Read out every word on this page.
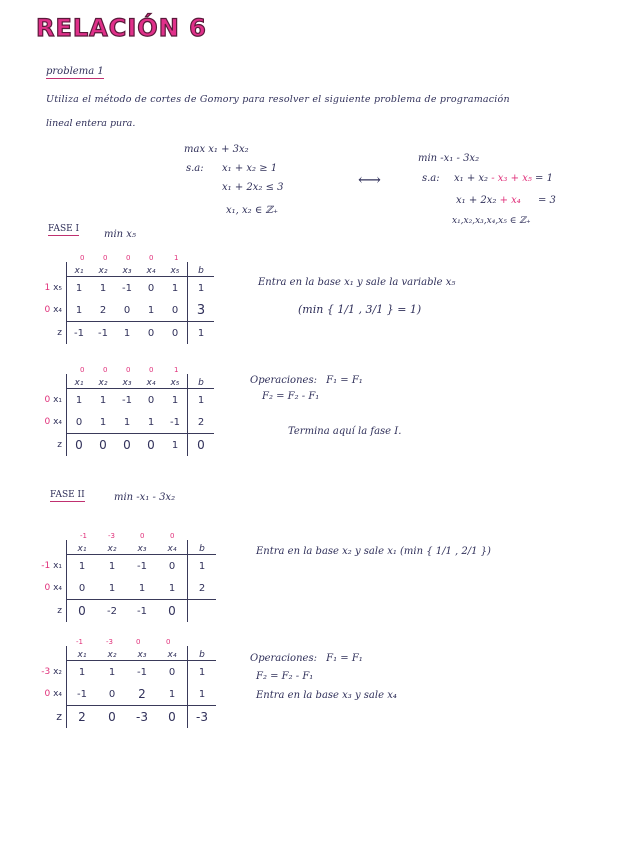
RELACIÓN 6
problema 1
Utiliza el método de cortes de Gomory para resolver el siguiente problema de programación
lineal entera pura.
max x₁ + 3x₂
s.a: x₁ + x₂ ≥ 1
x₁ + 2x₂ ≤ 3
x₁, x₂ ∈ ℤ₊
⟷
min -x₁ - 3x₂
s.a: x₁ + x₂ - x₃ + x₅ = 1
x₁ + 2x₂ + x₄ = 3
x₁,x₂,x₃,x₄,x₅ ∈ ℤ₊
FASE I min x₅
0	0	0	0	1
	x₁	x₂	x₃	x₄	x₅	b
1 x₅	1	1	-1	0	1	1
0 x₄	1	2	0	1	0	3
z	-1	-1	1	0	0	1
Entra en la base x₁ y sale la variable x₅
(min { 1/1 , 3/1 } = 1)
0	0	0	0	1
	x₁	x₂	x₃	x₄	x₅	b
0 x₁	1	1	-1	0	1	1
0 x₄	0	1	1	1	-1	2
z	0	0	0	0	1	0
Operaciones: F₁ = F₁
F₂ = F₂ - F₁
Termina aquí la fase I.
FASE II	min -x₁ - 3x₂
-1	-3	0	0
	x₁	x₂	x₃	x₄	b
-1 x₁	1	1	-1	0	1
0 x₄	0	1	1	1	2
z	0	-2	-1	0	
Entra en la base x₂ y sale x₁ (min { 1/1 , 2/1 })
-1	-3	0	0
	x₁	x₂	x₃	x₄	b
-3 x₂	1	1	-1	0	1
0 x₄	-1	0	2	1	1
z	2	0	-3	0	-3
Operaciones: F₁ = F₁
F₂ = F₂ - F₁
Entra en la base x₃ y sale x₄
